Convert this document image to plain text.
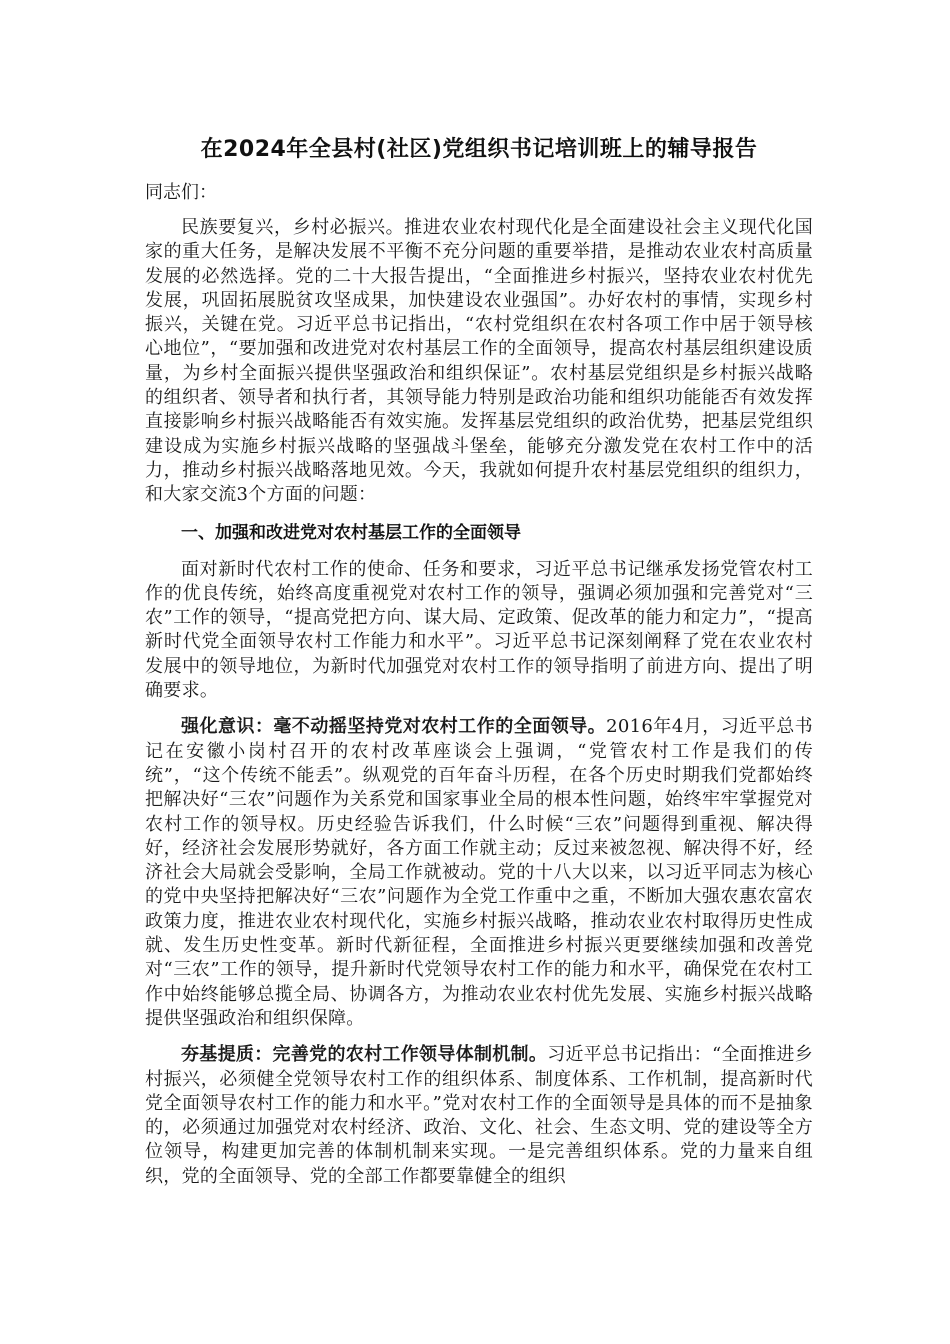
在2024年全县村(社区)党组织书记培训班上的辅导报告

同志们：

民族要复兴，乡村必振兴。推进农业农村现代化是全面建设社会主义现代化国家的重大任务，是解决发展不平衡不充分问题的重要举措，是推动农业农村高质量发展的必然选择。党的二十大报告提出，“全面推进乡村振兴，坚持农业农村优先发展，巩固拓展脱贫攻坚成果，加快建设农业强国”。办好农村的事情，实现乡村振兴，关键在党。习近平总书记指出，“农村党组织在农村各项工作中居于领导核心地位”，“要加强和改进党对农村基层工作的全面领导，提高农村基层组织建设质量，为乡村全面振兴提供坚强政治和组织保证”。农村基层党组织是乡村振兴战略的组织者、领导者和执行者，其领导能力特别是政治功能和组织功能能否有效发挥直接影响乡村振兴战略能否有效实施。发挥基层党组织的政治优势，把基层党组织建设成为实施乡村振兴战略的坚强战斗堡垒，能够充分激发党在农村工作中的活力，推动乡村振兴战略落地见效。今天，我就如何提升农村基层党组织的组织力，和大家交流3个方面的问题：

一、加强和改进党对农村基层工作的全面领导

面对新时代农村工作的使命、任务和要求，习近平总书记继承发扬党管农村工作的优良传统，始终高度重视党对农村工作的领导，强调必须加强和完善党对“三农”工作的领导，“提高党把方向、谋大局、定政策、促改革的能力和定力”，“提高新时代党全面领导农村工作能力和水平”。习近平总书记深刻阐释了党在农业农村发展中的领导地位，为新时代加强党对农村工作的领导指明了前进方向、提出了明确要求。

强化意识：毫不动摇坚持党对农村工作的全面领导。2016年4月，习近平总书记在安徽小岗村召开的农村改革座谈会上强调，“党管农村工作是我们的传统”，“这个传统不能丢”。纵观党的百年奋斗历程，在各个历史时期我们党都始终把解决好“三农”问题作为关系党和国家事业全局的根本性问题，始终牢牢掌握党对农村工作的领导权。历史经验告诉我们，什么时候“三农”问题得到重视、解决得好，经济社会发展形势就好，各方面工作就主动；反过来被忽视、解决得不好，经济社会大局就会受影响，全局工作就被动。党的十八大以来，以习近平同志为核心的党中央坚持把解决好“三农”问题作为全党工作重中之重，不断加大强农惠农富农政策力度，推进农业农村现代化，实施乡村振兴战略，推动农业农村取得历史性成就、发生历史性变革。新时代新征程，全面推进乡村振兴更要继续加强和改善党对“三农”工作的领导，提升新时代党领导农村工作的能力和水平，确保党在农村工作中始终能够总揽全局、协调各方，为推动农业农村优先发展、实施乡村振兴战略提供坚强政治和组织保障。

夯基提质：完善党的农村工作领导体制机制。习近平总书记指出：“全面推进乡村振兴，必须健全党领导农村工作的组织体系、制度体系、工作机制，提高新时代党全面领导农村工作的能力和水平。”党对农村工作的全面领导是具体的而不是抽象的，必须通过加强党对农村经济、政治、文化、社会、生态文明、党的建设等全方位领导，构建更加完善的体制机制来实现。一是完善组织体系。党的力量来自组织，党的全面领导、党的全部工作都要靠健全的组织
